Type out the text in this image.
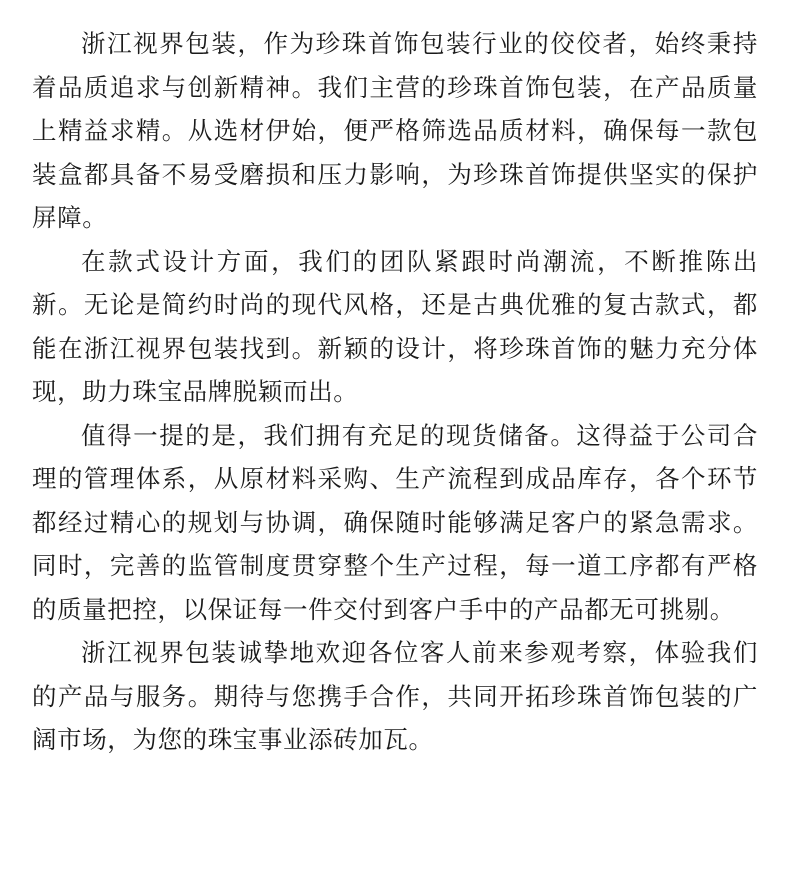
浙江视界包装，作为珍珠首饰包装行业的佼佼者，始终秉持着品质追求与创新精神。我们主营的珍珠首饰包装，在产品质量上精益求精。从选材伊始，便严格筛选品质材料，确保每一款包装盒都具备不易受磨损和压力影响，为珍珠首饰提供坚实的保护屏障。

在款式设计方面，我们的团队紧跟时尚潮流，不断推陈出新。无论是简约时尚的现代风格，还是古典优雅的复古款式，都能在浙江视界包装找到。新颖的设计，将珍珠首饰的魅力充分体现，助力珠宝品牌脱颖而出。

值得一提的是，我们拥有充足的现货储备。这得益于公司合理的管理体系，从原材料采购、生产流程到成品库存，各个环节都经过精心的规划与协调，确保随时能够满足客户的紧急需求。同时，完善的监管制度贯穿整个生产过程，每一道工序都有严格的质量把控，以保证每一件交付到客户手中的产品都无可挑剔。

浙江视界包装诚挚地欢迎各位客人前来参观考察，体验我们的产品与服务。期待与您携手合作，共同开拓珍珠首饰包装的广阔市场，为您的珠宝事业添砖加瓦。
